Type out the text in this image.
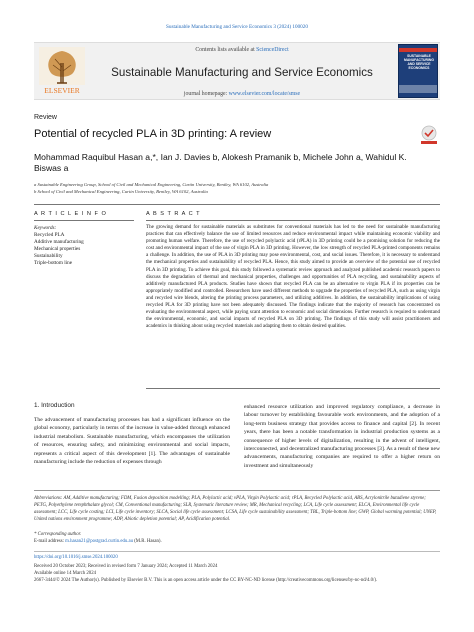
Sustainable Manufacturing and Service Economics 3 (2024) 100020
ELSEVIER
Contents lists available at ScienceDirect
Sustainable Manufacturing and Service Economics
journal homepage: www.elsevier.com/locate/smse
SUSTAINABLE MANUFACTURING AND SERVICE ECONOMICS
Review
Potential of recycled PLA in 3D printing: A review
Mohammad Raquibul Hasan a,*, Ian J. Davies b, Alokesh Pramanik b, Michele John a, Wahidul K. Biswas a
a Sustainable Engineering Group, School of Civil and Mechanical Engineering, Curtin University, Bentley, WA 6102, Australia
b School of Civil and Mechanical Engineering, Curtin University, Bentley, WA 6102, Australia
A R T I C L E I N F O
Keywords:
Recycled PLA
Additive manufacturing
Mechanical properties
Sustainability
Triple-bottom line
A B S T R A C T
The growing demand for sustainable materials as substitutes for conventional materials has led to the need for sustainable manufacturing practices that can effectively balance the use of limited resources and reduce environmental impact while maintaining economic viability and promoting human welfare. Therefore, the use of recycled polylactic acid (rPLA) in 3D printing could be a promising solution for reducing the cost and environmental impact of the use of virgin PLA in 3D printing. However, the low strength of recycled PLA-printed components remains a challenge. In addition, the use of PLA in 3D printing may pose environmental, cost, and social issues. Therefore, it is necessary to understand the mechanical properties and sustainability of recycled PLA. Hence, this study aimed to provide an overview of the potential use of recycled PLA in 3D printing. To achieve this goal, this study followed a systematic review approach and analyzed published academic research papers to discuss the degradation of thermal and mechanical properties, challenges and opportunities of PLA recycling, and sustainability aspects of additively manufactured PLA products. Studies have shown that recycled PLA can be an alternative to virgin PLA if its properties can be appropriately modified and controlled. Researchers have used different methods to upgrade the properties of recycled PLA, such as using virgin and recycled wire blends, altering the printing process parameters, and utilizing additives. In addition, the sustainability implications of using recycled PLA for 3D printing have not been adequately discussed. The findings indicate that the majority of research has concentrated on evaluating the environmental aspect, while paying scant attention to economic and social dimensions. Further research is required to understand the environmental, economic, and social impacts of recycled PLA on 3D printing. The findings of this study will assist practitioners and academics in thinking about using recycled materials and adapting them to obtain desired qualities.
1. Introduction
The advancement of manufacturing processes has had a significant influence on the global economy, particularly in terms of the increase in value-added through enhanced industrial metabolism. Sustainable manufacturing, which encompasses the utilization of resources, ensuring safety, and minimizing environmental and social impacts, represents a critical aspect of this development [1]. The advantages of sustainable manufacturing include the reduction of expenses through
enhanced resource utilization and improved regulatory compliance, a decrease in labour turnover by establishing favourable work environments, and the adoption of a long-term business strategy that provides access to finance and capital [2]. In recent years, there has been a notable transformation in industrial production systems as a consequence of higher levels of digitalization, resulting in the advent of intelligent, interconnected, and decentralized manufacturing processes [3]. As a result of these new advancements, manufacturing companies are required to offer a higher return on investment and simultaneously
Abbreviations: AM, Additive manufacturing; FDM, Fusion deposition modelling; PLA, Polylactic acid; vPLA, Virgin Polylactic acid; rPLA, Recycled Polylactic acid, ABS, Acrylonitrile butadiene styrene; PETG, Polyethylene terephthalate glycol; CM, Conventional manufacturing; SLR, Systematic literature review; MR, Mechanical recycling; LCA, Life cycle assessment; ELCA, Environmental life cycle assessment; LCC, Life cycle costing; LCI, Life cycle inventory; SLCA, Social life cycle assessment; LCSA, Life cycle sustainability assessment; TBL, Triple-bottom line; GWP, Global warming potential; UNEP, United nations environment programme; ADP, Abiotic depletion potential; AP, Acidification potential.
* Corresponding author.
E-mail address: m.hasan21@postgrad.curtin.edu.au (M.R. Hasan).
https://doi.org/10.1016/j.smse.2024.100020
Received 20 October 2023; Received in revised form 7 January 2024; Accepted 11 March 2024
Available online 14 March 2024
2667-3444/© 2024 The Author(s). Published by Elsevier B.V. This is an open access article under the CC BY-NC-ND license (http://creativecommons.org/licenses/by-nc-nd/4.0/).
